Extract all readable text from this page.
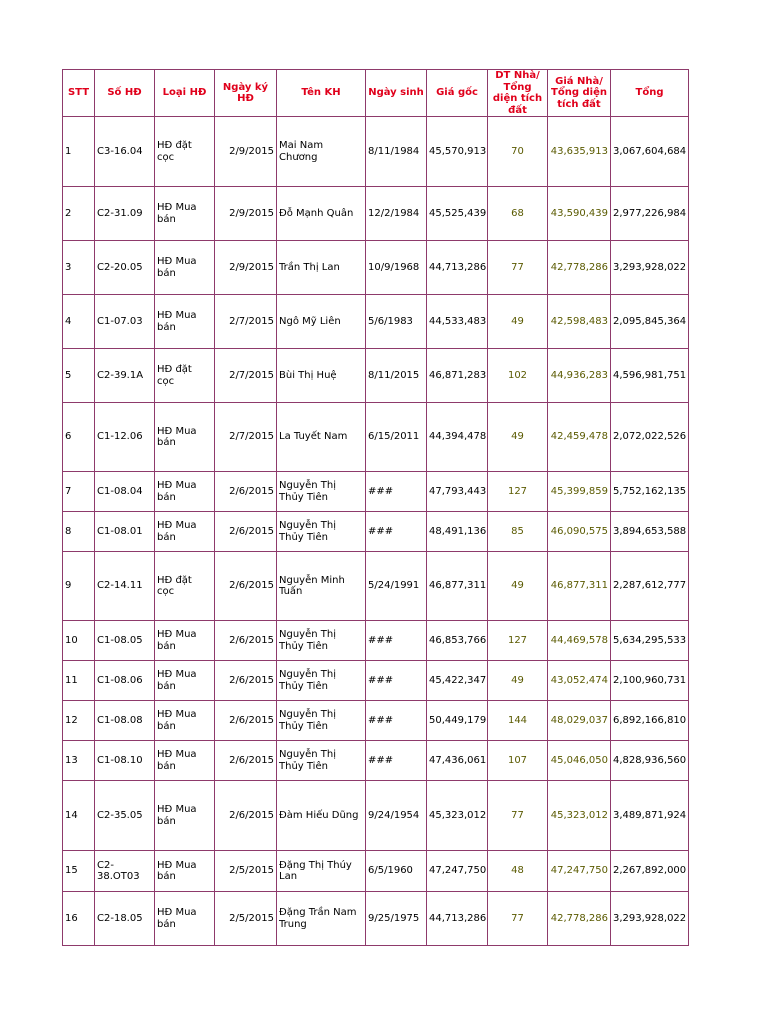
STT	Số HĐ	Loại HĐ	Ngày ký HĐ	Tên KH	Ngày sinh	Giá gốc	DT Nhà/ Tổng diện tích đất	Giá Nhà/ Tổng diện tích đất	Tổng
1	C3-16.04	HĐ đặt cọc	2/9/2015	Mai Nam Chương	8/11/1984	45,570,913	70	43,635,913	3,067,604,684
2	C2-31.09	HĐ Mua bán	2/9/2015	Đỗ Mạnh Quân	12/2/1984	45,525,439	68	43,590,439	2,977,226,984
3	C2-20.05	HĐ Mua bán	2/9/2015	Trần Thị Lan	10/9/1968	44,713,286	77	42,778,286	3,293,928,022
4	C1-07.03	HĐ Mua bán	2/7/2015	Ngô Mỹ Liên	5/6/1983	44,533,483	49	42,598,483	2,095,845,364
5	C2-39.1A	HĐ đặt cọc	2/7/2015	Bùi Thị Huệ	8/11/2015	46,871,283	102	44,936,283	4,596,981,751
6	C1-12.06	HĐ Mua bán	2/7/2015	La Tuyết Nam	6/15/2011	44,394,478	49	42,459,478	2,072,022,526
7	C1-08.04	HĐ Mua bán	2/6/2015	Nguyễn Thị Thủy Tiên	###	47,793,443	127	45,399,859	5,752,162,135
8	C1-08.01	HĐ Mua bán	2/6/2015	Nguyễn Thị Thủy Tiên	###	48,491,136	85	46,090,575	3,894,653,588
9	C2-14.11	HĐ đặt cọc	2/6/2015	Nguyễn Minh Tuấn	5/24/1991	46,877,311	49	46,877,311	2,287,612,777
10	C1-08.05	HĐ Mua bán	2/6/2015	Nguyễn Thị Thủy Tiên	###	46,853,766	127	44,469,578	5,634,295,533
11	C1-08.06	HĐ Mua bán	2/6/2015	Nguyễn Thị Thủy Tiên	###	45,422,347	49	43,052,474	2,100,960,731
12	C1-08.08	HĐ Mua bán	2/6/2015	Nguyễn Thị Thủy Tiên	###	50,449,179	144	48,029,037	6,892,166,810
13	C1-08.10	HĐ Mua bán	2/6/2015	Nguyễn Thị Thủy Tiên	###	47,436,061	107	45,046,050	4,828,936,560
14	C2-35.05	HĐ Mua bán	2/6/2015	Đàm Hiếu Dũng	9/24/1954	45,323,012	77	45,323,012	3,489,871,924
15	C2-38.OT03	HĐ Mua bán	2/5/2015	Đặng Thị Thúy Lan	6/5/1960	47,247,750	48	47,247,750	2,267,892,000
16	C2-18.05	HĐ Mua bán	2/5/2015	Đặng Trần Nam Trung	9/25/1975	44,713,286	77	42,778,286	3,293,928,022
